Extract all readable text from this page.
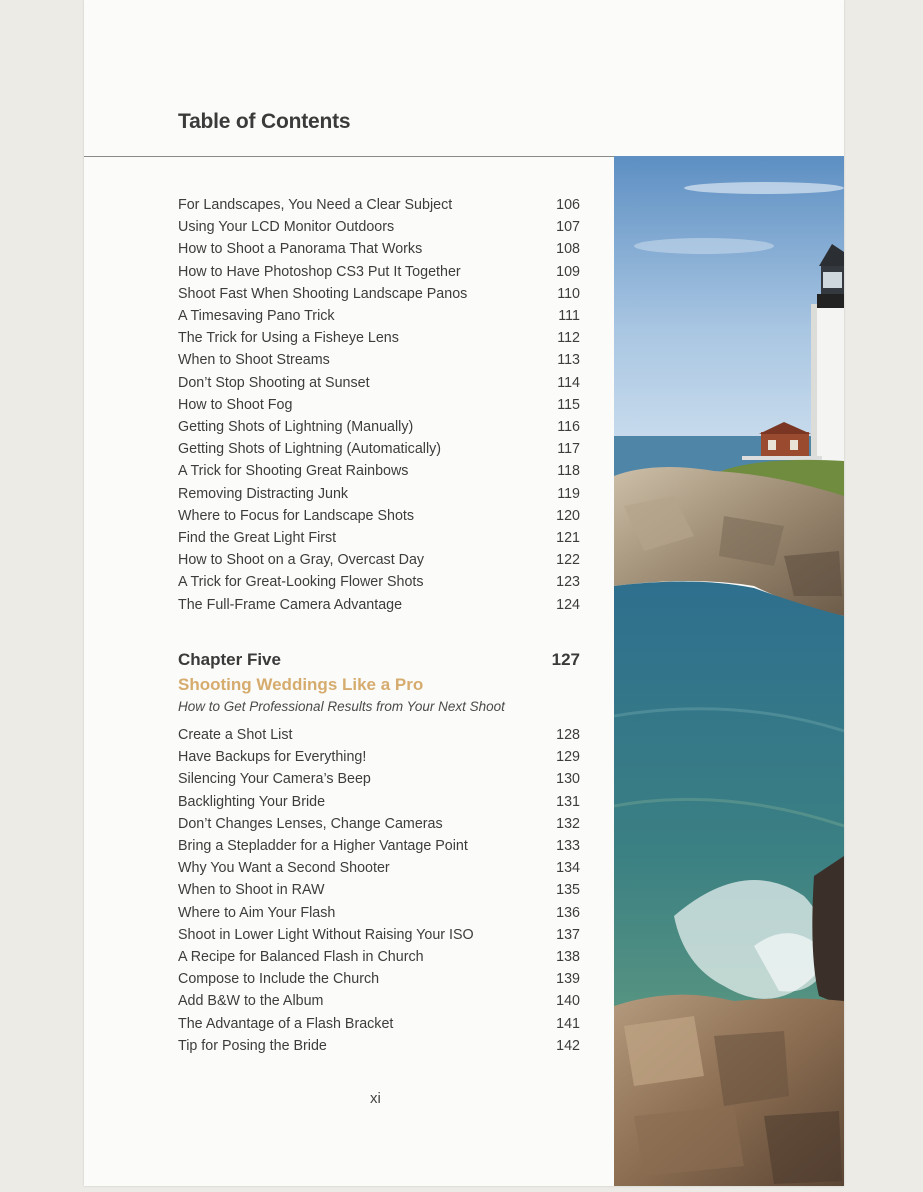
Table of Contents
For Landscapes, You Need a Clear Subject	106
Using Your LCD Monitor Outdoors	107
How to Shoot a Panorama That Works	108
How to Have Photoshop CS3 Put It Together	109
Shoot Fast When Shooting Landscape Panos	110
A Timesaving Pano Trick	111
The Trick for Using a Fisheye Lens	112
When to Shoot Streams	113
Don’t Stop Shooting at Sunset	114
How to Shoot Fog	115
Getting Shots of Lightning (Manually)	116
Getting Shots of Lightning (Automatically)	117
A Trick for Shooting Great Rainbows	118
Removing Distracting Junk	119
Where to Focus for Landscape Shots	120
Find the Great Light First	121
How to Shoot on a Gray, Overcast Day	122
A Trick for Great-Looking Flower Shots	123
The Full-Frame Camera Advantage	124
Chapter Five	127
Shooting Weddings Like a Pro
How to Get Professional Results from Your Next Shoot
Create a Shot List	128
Have Backups for Everything!	129
Silencing Your Camera’s Beep	130
Backlighting Your Bride	131
Don’t Changes Lenses, Change Cameras	132
Bring a Stepladder for a Higher Vantage Point	133
Why You Want a Second Shooter	134
When to Shoot in RAW	135
Where to Aim Your Flash	136
Shoot in Lower Light Without Raising Your ISO	137
A Recipe for Balanced Flash in Church	138
Compose to Include the Church	139
Add B&W to the Album	140
The Advantage of a Flash Bracket	141
Tip for Posing the Bride	142
xi
